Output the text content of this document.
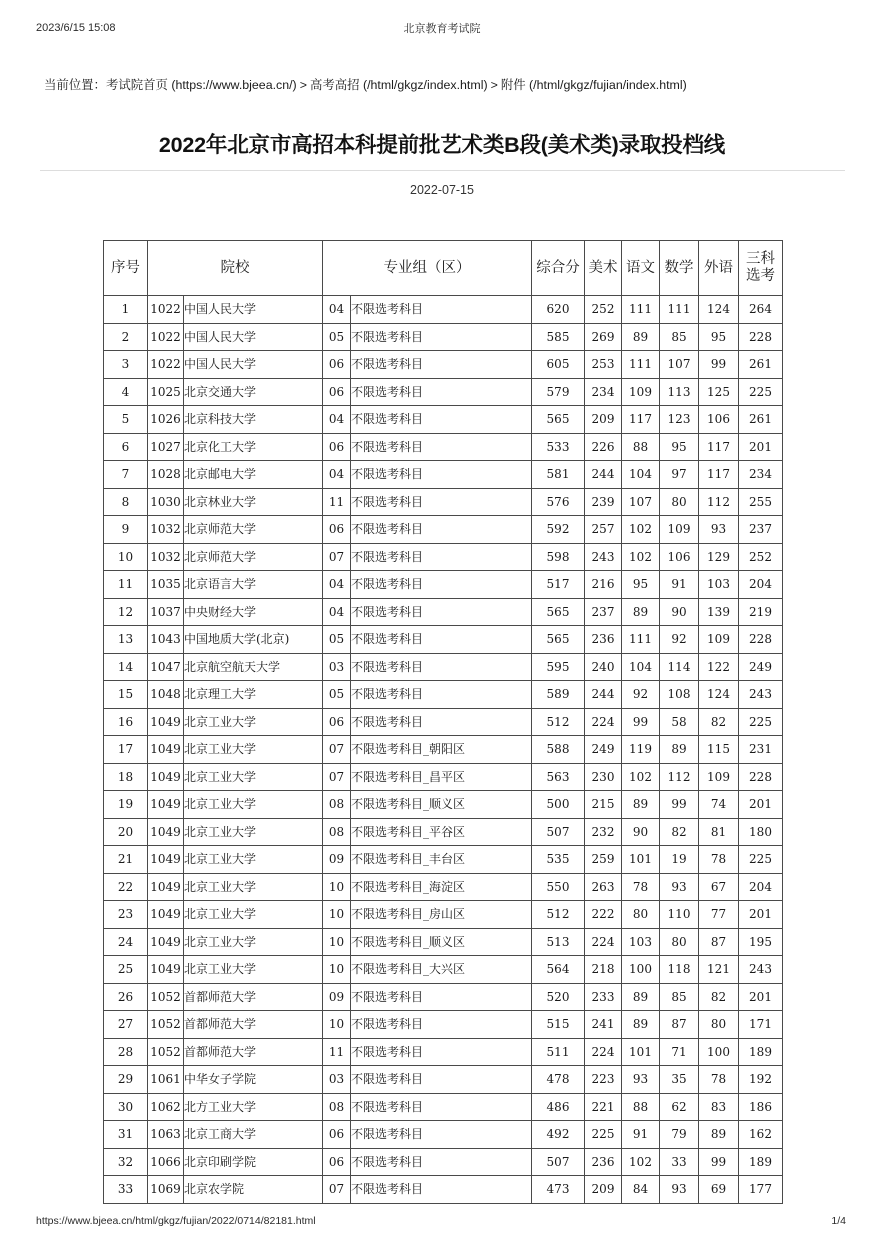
2023/6/15 15:08	北京教育考试院
当前位置：考试院首页 (https://www.bjeea.cn/) > 高考高招 (/html/gkgz/index.html) > 附件 (/html/gkgz/fujian/index.html)
2022年北京市高招本科提前批艺术类B段(美术类)录取投档线
2022-07-15
序号	院校		专业组（区）		综合分	美术	语文	数学	外语	三科
选考
1	1022	中国人民大学	04	不限选考科目	620	252	111	111	124	264
2	1022	中国人民大学	05	不限选考科目	585	269	89	85	95	228
3	1022	中国人民大学	06	不限选考科目	605	253	111	107	99	261
4	1025	北京交通大学	06	不限选考科目	579	234	109	113	125	225
5	1026	北京科技大学	04	不限选考科目	565	209	117	123	106	261
6	1027	北京化工大学	06	不限选考科目	533	226	88	95	117	201
7	1028	北京邮电大学	04	不限选考科目	581	244	104	97	117	234
8	1030	北京林业大学	11	不限选考科目	576	239	107	80	112	255
9	1032	北京师范大学	06	不限选考科目	592	257	102	109	93	237
10	1032	北京师范大学	07	不限选考科目	598	243	102	106	129	252
11	1035	北京语言大学	04	不限选考科目	517	216	95	91	103	204
12	1037	中央财经大学	04	不限选考科目	565	237	89	90	139	219
13	1043	中国地质大学(北京)	05	不限选考科目	565	236	111	92	109	228
14	1047	北京航空航天大学	03	不限选考科目	595	240	104	114	122	249
15	1048	北京理工大学	05	不限选考科目	589	244	92	108	124	243
16	1049	北京工业大学	06	不限选考科目	512	224	99	58	82	225
17	1049	北京工业大学	07	不限选考科目_朝阳区	588	249	119	89	115	231
18	1049	北京工业大学	07	不限选考科目_昌平区	563	230	102	112	109	228
19	1049	北京工业大学	08	不限选考科目_顺义区	500	215	89	99	74	201
20	1049	北京工业大学	08	不限选考科目_平谷区	507	232	90	82	81	180
21	1049	北京工业大学	09	不限选考科目_丰台区	535	259	101	19	78	225
22	1049	北京工业大学	10	不限选考科目_海淀区	550	263	78	93	67	204
23	1049	北京工业大学	10	不限选考科目_房山区	512	222	80	110	77	201
24	1049	北京工业大学	10	不限选考科目_顺义区	513	224	103	80	87	195
25	1049	北京工业大学	10	不限选考科目_大兴区	564	218	100	118	121	243
26	1052	首都师范大学	09	不限选考科目	520	233	89	85	82	201
27	1052	首都师范大学	10	不限选考科目	515	241	89	87	80	171
28	1052	首都师范大学	11	不限选考科目	511	224	101	71	100	189
29	1061	中华女子学院	03	不限选考科目	478	223	93	35	78	192
30	1062	北方工业大学	08	不限选考科目	486	221	88	62	83	186
31	1063	北京工商大学	06	不限选考科目	492	225	91	79	89	162
32	1066	北京印刷学院	06	不限选考科目	507	236	102	33	99	189
33	1069	北京农学院	07	不限选考科目	473	209	84	93	69	177
https://www.bjeea.cn/html/gkgz/fujian/2022/0714/82181.html	1/4
